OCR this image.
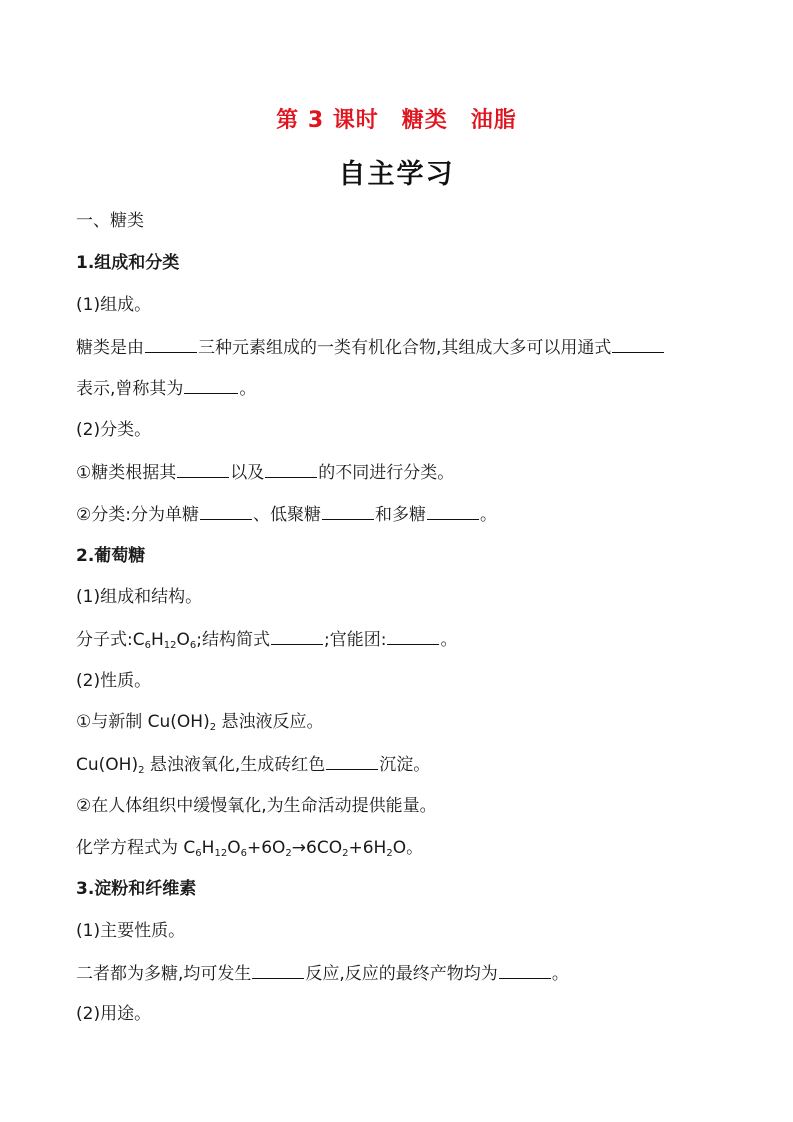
第 3 课时　糖类　油脂
自主学习
一、糖类
1.组成和分类
(1)组成。
糖类是由	三种元素组成的一类有机化合物,其组成大多可以用通式
表示,曾称其为	。
(2)分类。
①糖类根据其	以及	的不同进行分类。
②分类:分为单糖	、低聚糖	和多糖	。
2.葡萄糖
(1)组成和结构。
分子式$:C_6H_{12}O_6$;结构简式	;官能团:	。
(2)性质。
①与新制 $Cu(OH)_2$ 悬浊液反应。
$Cu(OH)_2$ 悬浊液氧化,生成砖红色	沉淀。
②在人体组织中缓慢氧化,为生命活动提供能量。
化学方程式为 $C_6H_{12}O_6+6O_2\to 6CO_2+6H_2O$。
3.淀粉和纤维素
(1)主要性质。
二者都为多糖,均可发生	反应,反应的最终产物均为	。
(2)用途。
